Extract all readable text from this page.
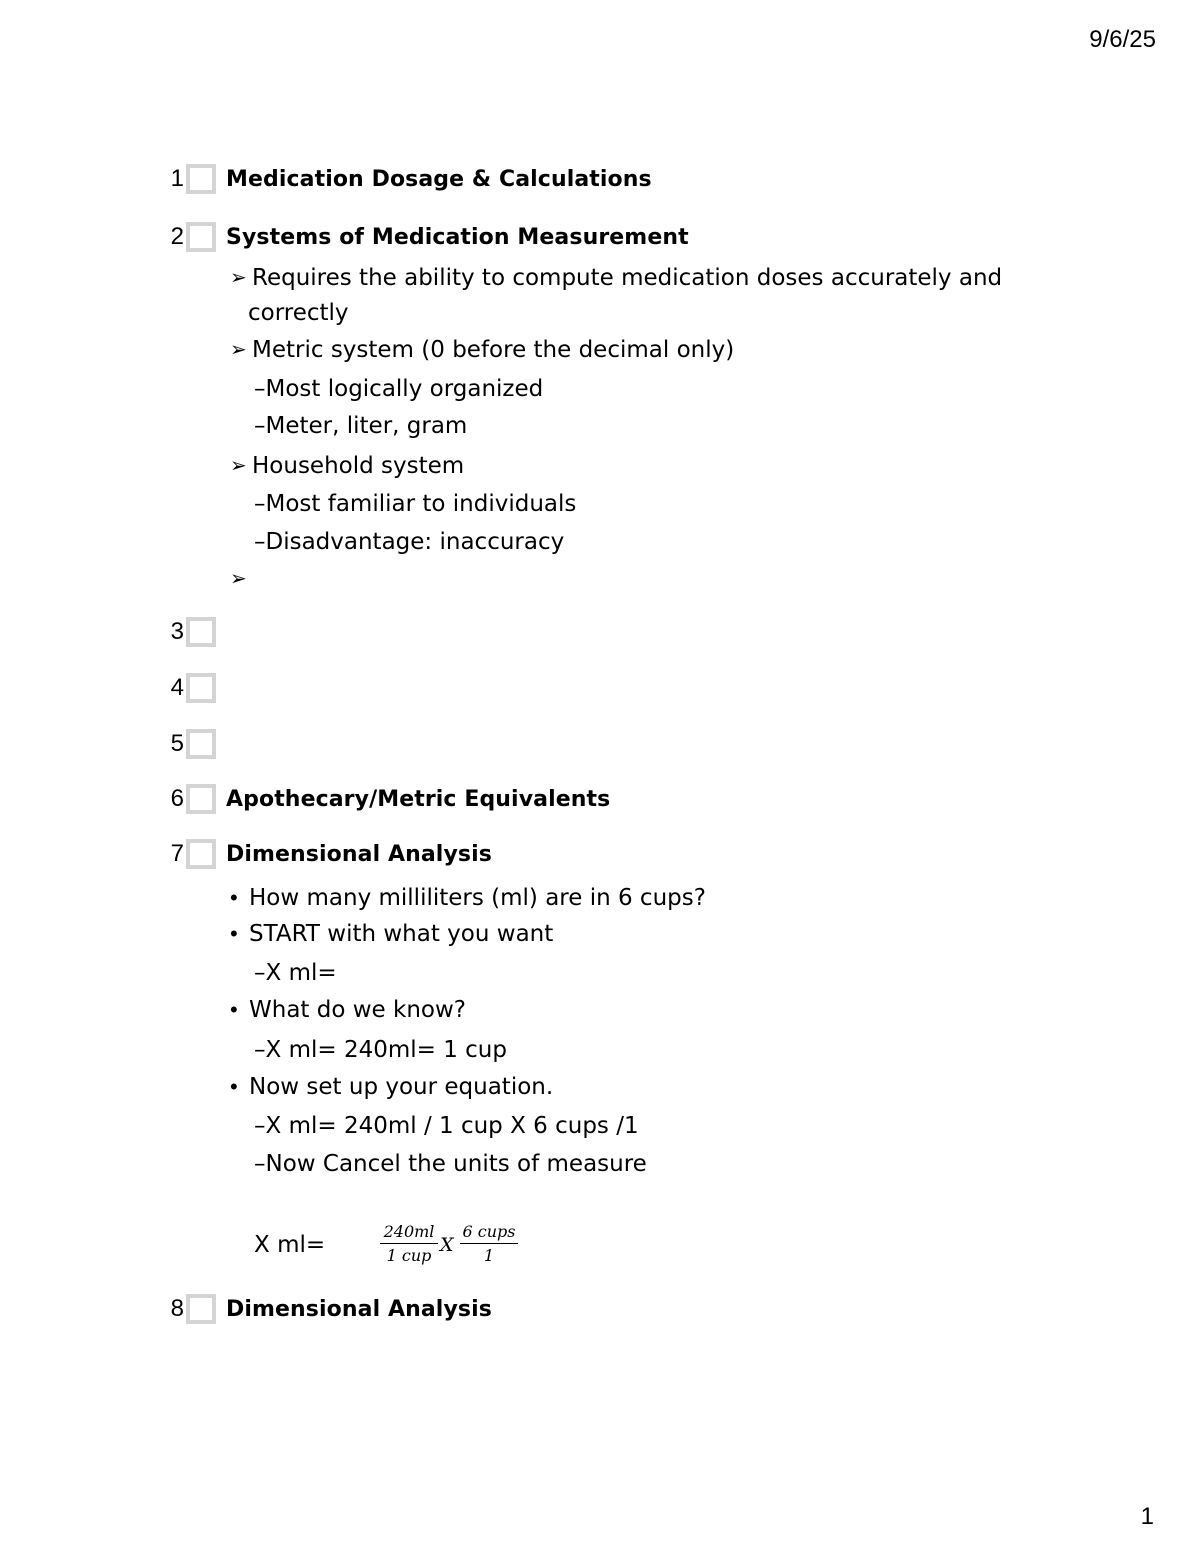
9/6/25
1 Medication Dosage & Calculations
2 Systems of Medication Measurement
➢ Requires the ability to compute medication doses accurately and
correctly
➢ Metric system (0 before the decimal only)
–Most logically organized
–Meter, liter, gram
➢ Household system
–Most familiar to individuals
–Disadvantage: inaccuracy
➢
3
4
5
6 Apothecary/Metric Equivalents
7 Dimensional Analysis
• How many milliliters (ml) are in 6 cups?
• START with what you want
–X ml=
• What do we know?
–X ml= 240ml= 1 cup
• Now set up your equation.
–X ml= 240ml / 1 cup X 6 cups /1
–Now Cancel the units of measure
X ml=
240ml
1 cup X
6 cups
1
8 Dimensional Analysis
1
